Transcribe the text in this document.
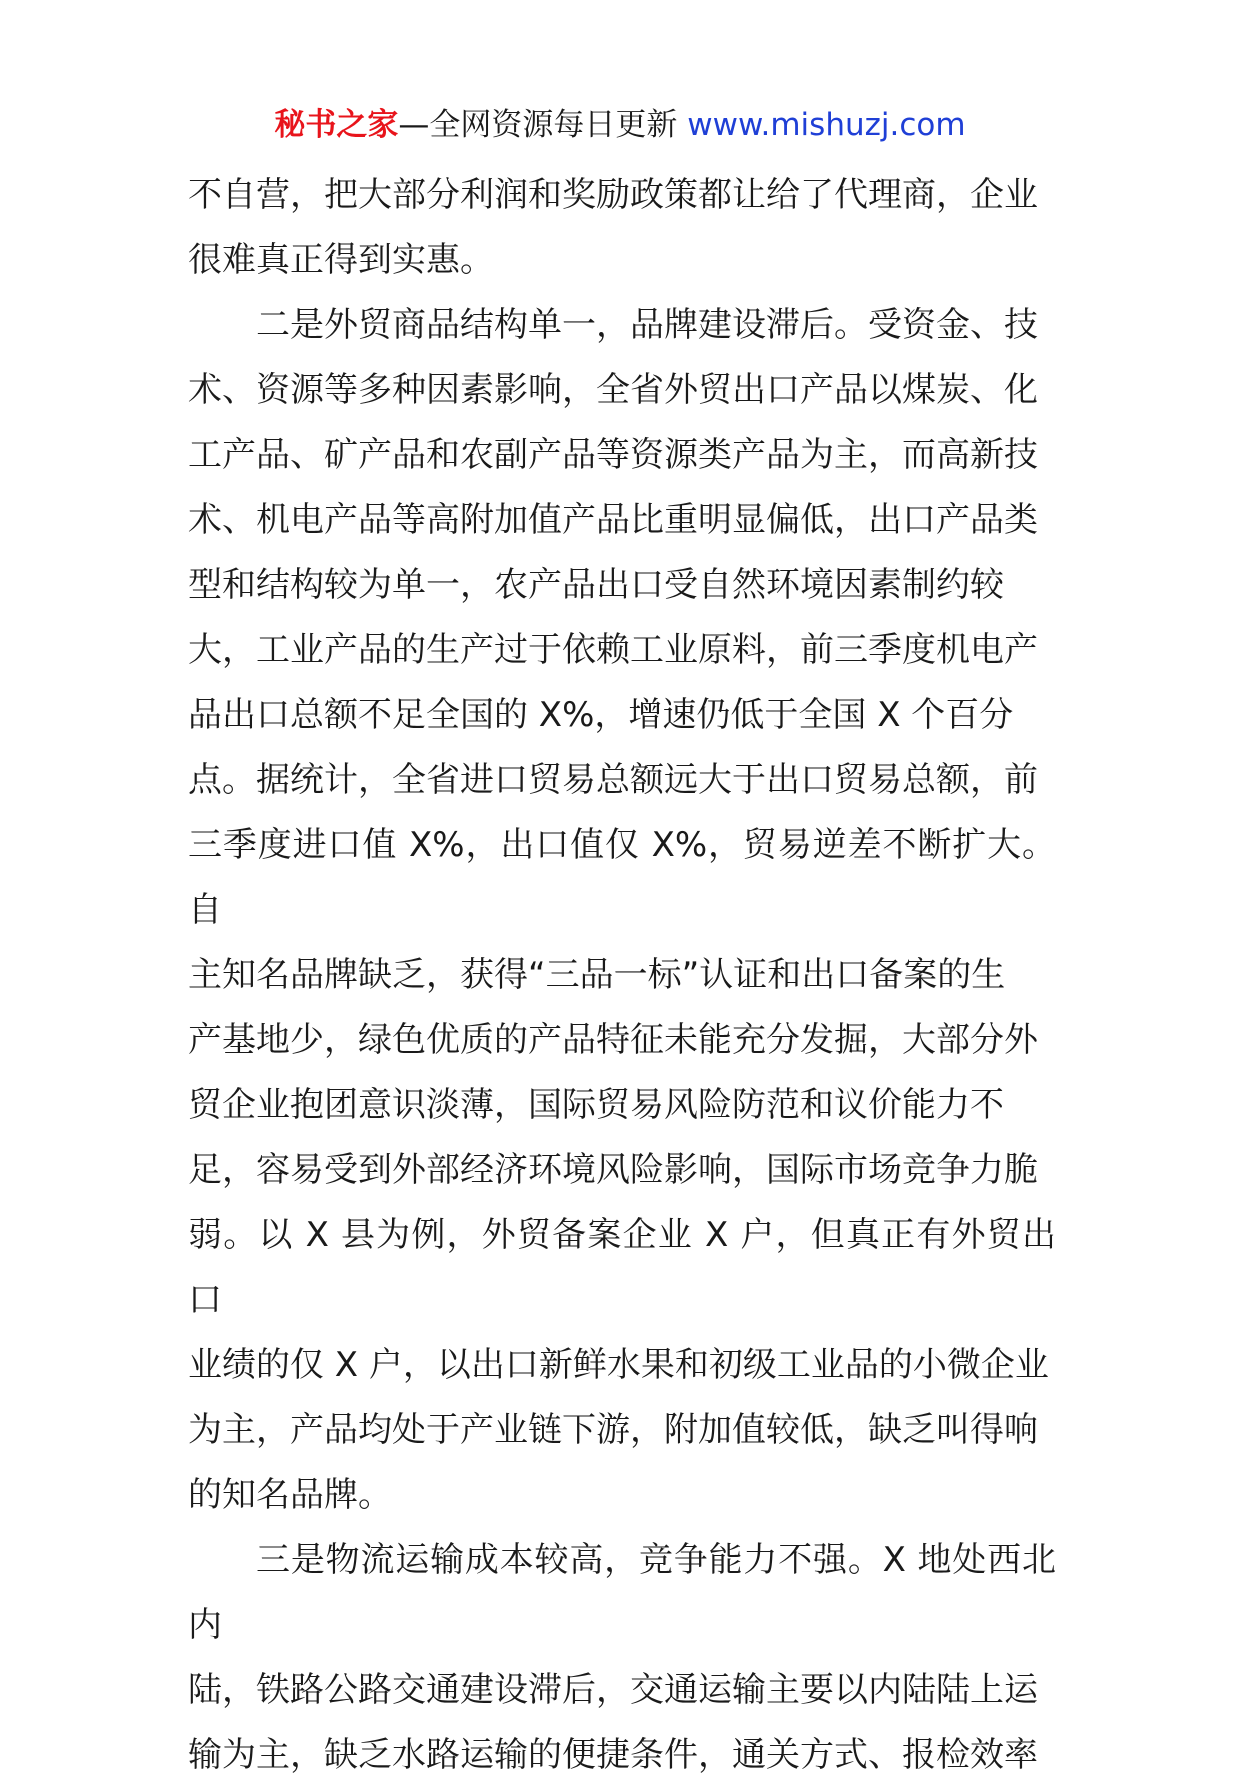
秘书之家—全网资源每日更新 www.mishuzj.com

不自营，把大部分利润和奖励政策都让给了代理商，企业
很难真正得到实惠。

二是外贸商品结构单一，品牌建设滞后。受资金、技
术、资源等多种因素影响，全省外贸出口产品以煤炭、化
工产品、矿产品和农副产品等资源类产品为主，而高新技
术、机电产品等高附加值产品比重明显偏低，出口产品类
型和结构较为单一，农产品出口受自然环境因素制约较
大，工业产品的生产过于依赖工业原料，前三季度机电产
品出口总额不足全国的 X%，增速仍低于全国 X 个百分
点。据统计，全省进口贸易总额远大于出口贸易总额，前
三季度进口值 X%，出口值仅 X%，贸易逆差不断扩大。自
主知名品牌缺乏，获得“三品一标”认证和出口备案的生
产基地少，绿色优质的产品特征未能充分发掘，大部分外
贸企业抱团意识淡薄，国际贸易风险防范和议价能力不
足，容易受到外部经济环境风险影响，国际市场竞争力脆
弱。以 X 县为例，外贸备案企业 X 户，但真正有外贸出口
业绩的仅 X 户，以出口新鲜水果和初级工业品的小微企业
为主，产品均处于产业链下游，附加值较低，缺乏叫得响
的知名品牌。

三是物流运输成本较高，竞争能力不强。X 地处西北内
陆，铁路公路交通建设滞后，交通运输主要以内陆陆上运
输为主，缺乏水路运输的便捷条件，通关方式、报检效率
